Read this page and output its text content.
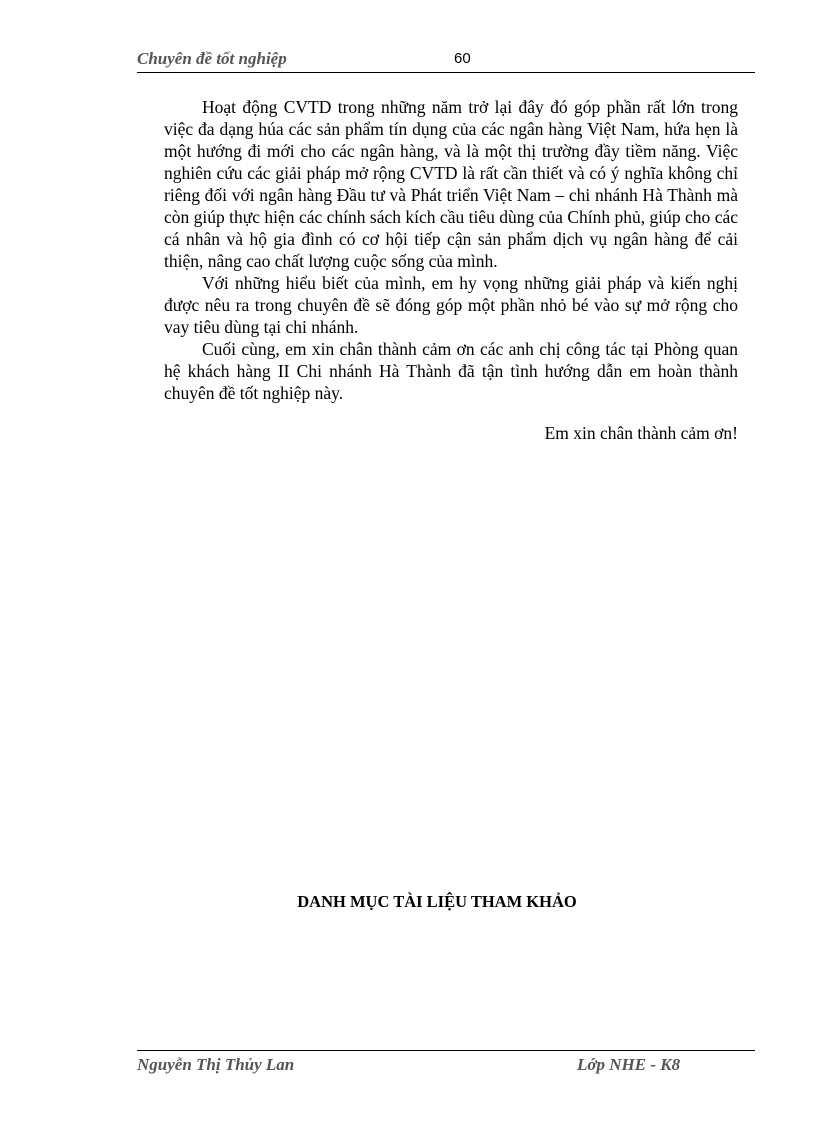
Chuyên đề tốt nghiệp	60

Hoạt động CVTD trong những năm trở lại đây đó góp phần rất lớn trong việc đa dạng húa các sản phẩm tín dụng của các ngân hàng Việt Nam, hứa hẹn là một hướng đi mới cho các ngân hàng, và là một thị trường đầy tiềm năng. Việc nghiên cứu các giải pháp mở rộng CVTD là rất cần thiết và có ý nghĩa không chỉ riêng đối với ngân hàng Đầu tư và Phát triển Việt Nam – chi nhánh Hà Thành mà còn giúp thực hiện các chính sách kích cầu tiêu dùng của Chính phủ, giúp cho các cá nhân và hộ gia đình có cơ hội tiếp cận sản phẩm dịch vụ ngân hàng để cải thiện, nâng cao chất lượng cuộc sống của mình.

Với những hiểu biết của mình, em hy vọng những giải pháp và kiến nghị được nêu ra trong chuyên đề sẽ đóng góp một phần nhỏ bé vào sự mở rộng cho vay tiêu dùng tại chi nhánh.

Cuối cùng, em xin chân thành cảm ơn các anh chị công tác tại Phòng quan hệ khách hàng II Chi nhánh Hà Thành đã tận tình hướng dẫn em hoàn thành chuyên đề tốt nghiệp này.

Em xin chân thành cảm ơn!
DANH MỤC TÀI LIỆU THAM KHẢO
Nguyễn Thị Thủy Lan	Lớp NHE - K8
